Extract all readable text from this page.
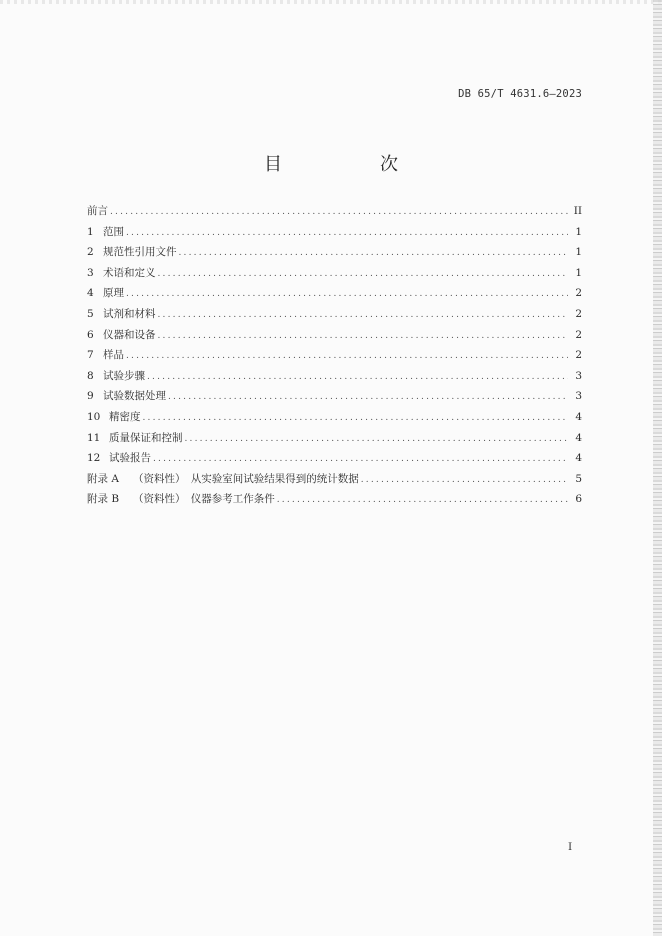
DB 65/T 4631.6—2023
目　次
前言 .....	II
1 范围 .....	1
2 规范性引用文件 .....	1
3 术语和定义 .....	1
4 原理 .....	2
5 试剂和材料 .....	2
6 仪器和设备 .....	2
7 样品 .....	2
8 试验步骤 .....	3
9 试验数据处理 .....	3
10 精密度 .....	4
11 质量保证和控制 .....	4
12 试验报告 .....	4
附录 A （资料性）　从实验室间试验结果得到的统计数据 .....	5
附录 B （资料性）　仪器参考工作条件 .....	6
I
